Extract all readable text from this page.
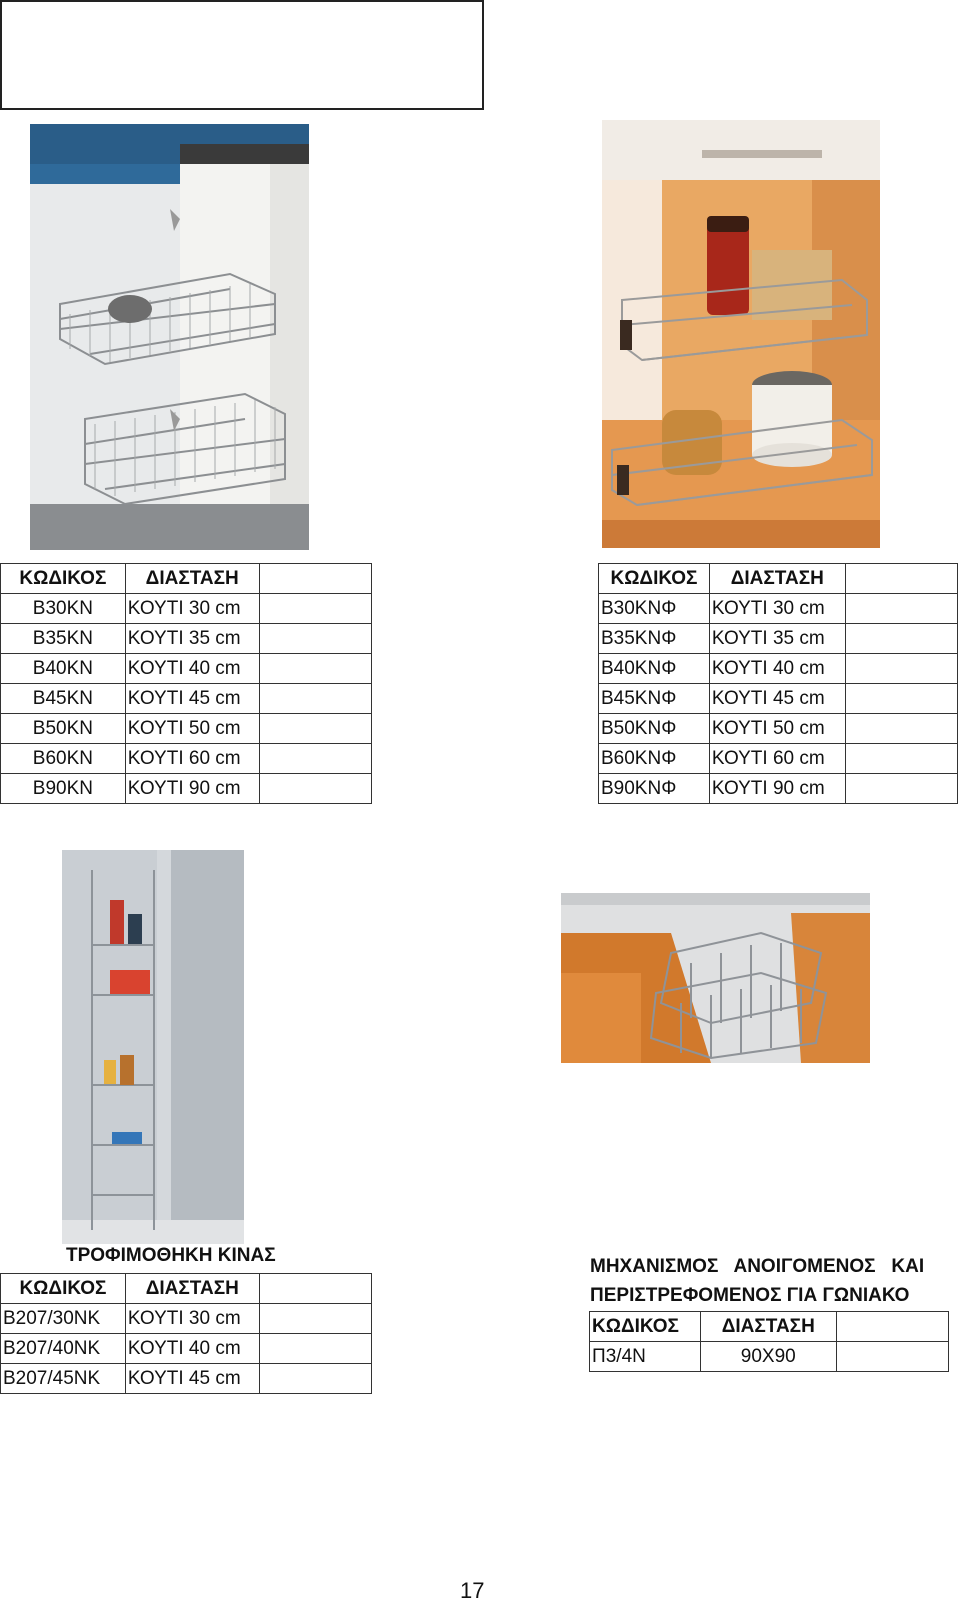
ΚΩΔΙΚΟΣ	ΔΙΑΣΤΑΣΗ	
B30KN	ΚΟΥΤΙ 30 cm	
B35KN	ΚΟΥΤΙ 35 cm	
B40KN	ΚΟΥΤΙ 40 cm	
B45KN	ΚΟΥΤΙ 45 cm	
B50KN	ΚΟΥΤΙ 50 cm	
B60KN	ΚΟΥΤΙ 60 cm	
B90KN	ΚΟΥΤΙ 90 cm	
ΚΩΔΙΚΟΣ	ΔΙΑΣΤΑΣΗ	
B30KNΦ	ΚΟΥΤΙ 30 cm	
B35KNΦ	ΚΟΥΤΙ 35 cm	
B40KNΦ	ΚΟΥΤΙ 40 cm	
B45KNΦ	ΚΟΥΤΙ 45 cm	
B50KNΦ	ΚΟΥΤΙ 50 cm	
B60KNΦ	ΚΟΥΤΙ 60 cm	
B90KNΦ	ΚΟΥΤΙ 90 cm	
ΤΡΟΦΙΜΟΘΗΚΗ ΚΙΝΑΣ
ΚΩΔΙΚΟΣ	ΔΙΑΣΤΑΣΗ	
B207/30NK	ΚΟΥΤΙ 30 cm	
B207/40NK	ΚΟΥΤΙ 40 cm	
B207/45NK	ΚΟΥΤΙ 45 cm	
ΜΗΧΑΝΙΣΜΟΣ   ΑΝΟΙΓΟΜΕΝΟΣ   ΚΑΙ
ΠΕΡΙΣΤΡΕΦΟΜΕΝΟΣ ΓΙΑ ΓΩΝΙΑΚΟ
ΚΩΔΙΚΟΣ	ΔΙΑΣΤΑΣΗ	
Π3/4N	90Χ90	
17
